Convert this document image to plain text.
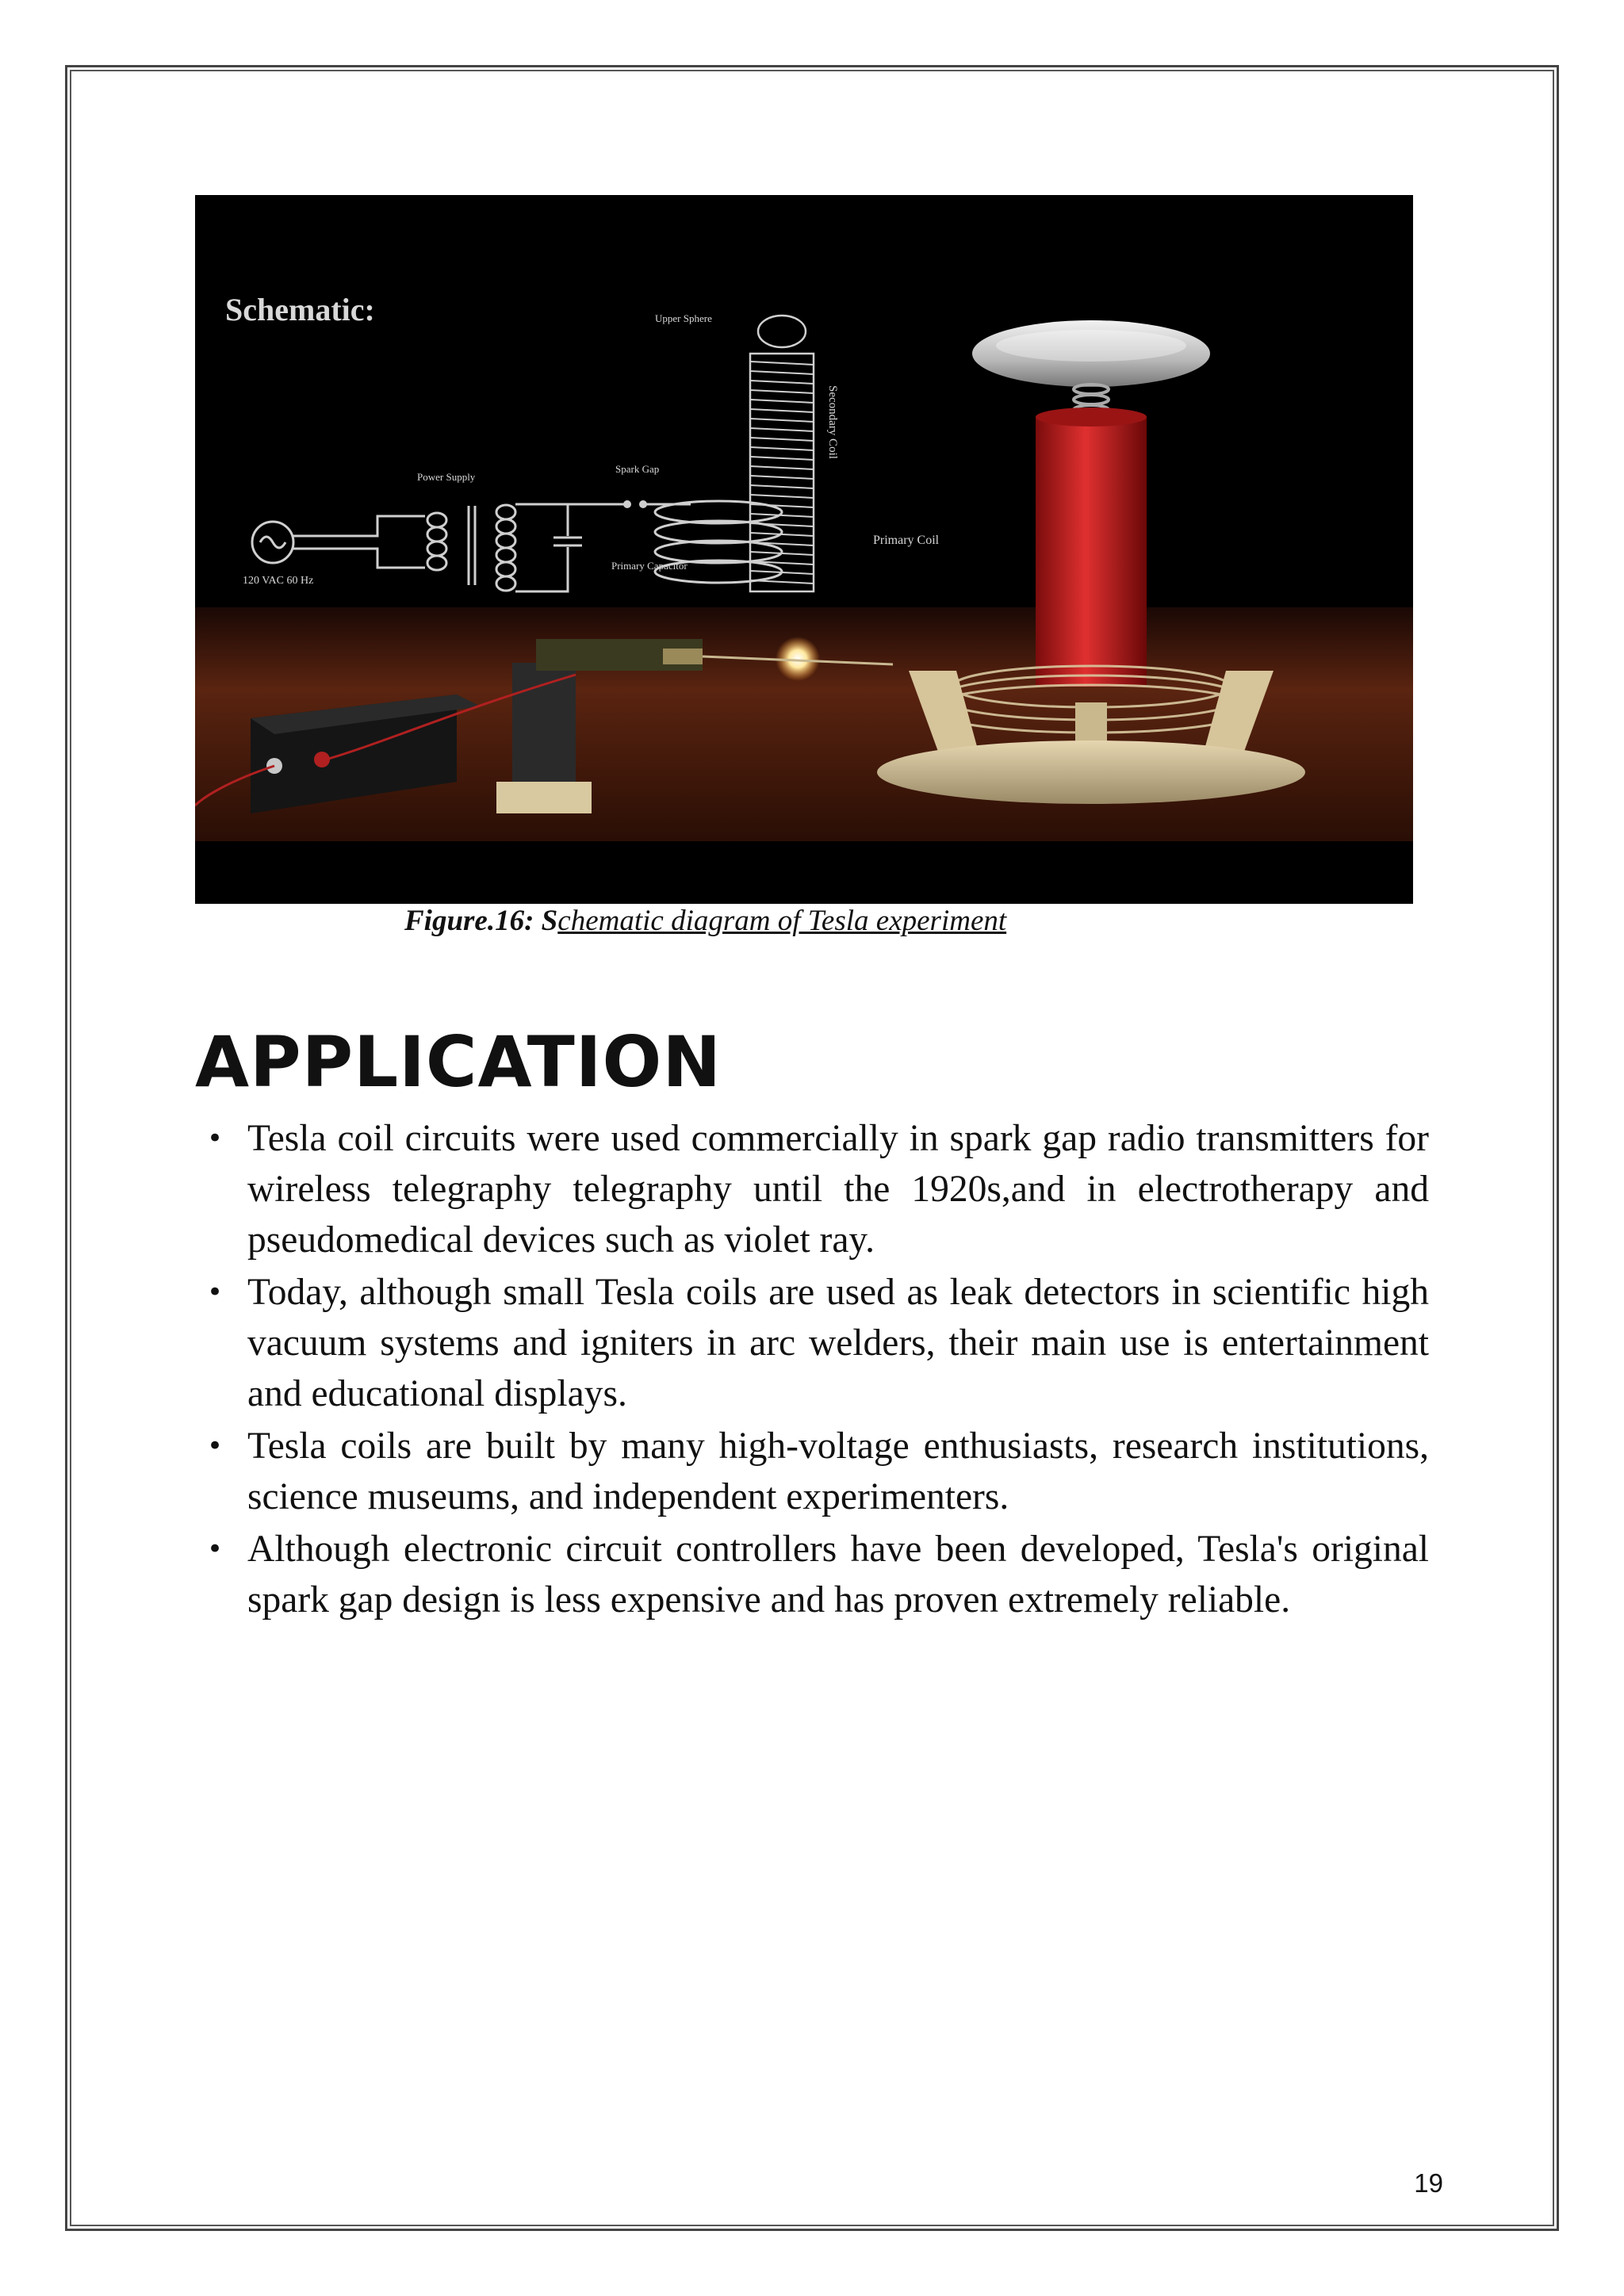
Schematic:
120 VAC 60 Hz
Power Supply
Spark Gap
Primary Capacitor
Primary Coil
Upper Sphere
Secondary Coil
Figure.16: Schematic diagram of Tesla experiment
APPLICATION
• Tesla coil circuits were used commercially in spark gap radio transmitters for wireless telegraphy telegraphy until the 1920s,and in electrotherapy and pseudomedical devices such as violet ray.
• Today, although small Tesla coils are used as leak detectors in scientific high vacuum systems and igniters in arc welders, their main use is entertainment and educational displays.
• Tesla coils are built by many high-voltage enthusiasts, research institutions, science museums, and independent experimenters.
• Although electronic circuit controllers have been developed, Tesla's original spark gap design is less expensive and has proven extremely reliable.
19
